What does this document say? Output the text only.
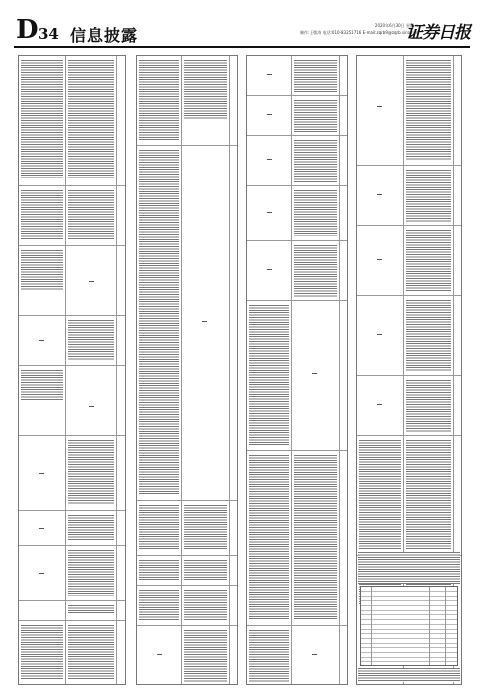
D 34 信息披露
2020年6月30日 星期二
制作:王敬涛 电话:010-83251716 E-mail:zqrb9@zqrb.sina.net
证券日报
